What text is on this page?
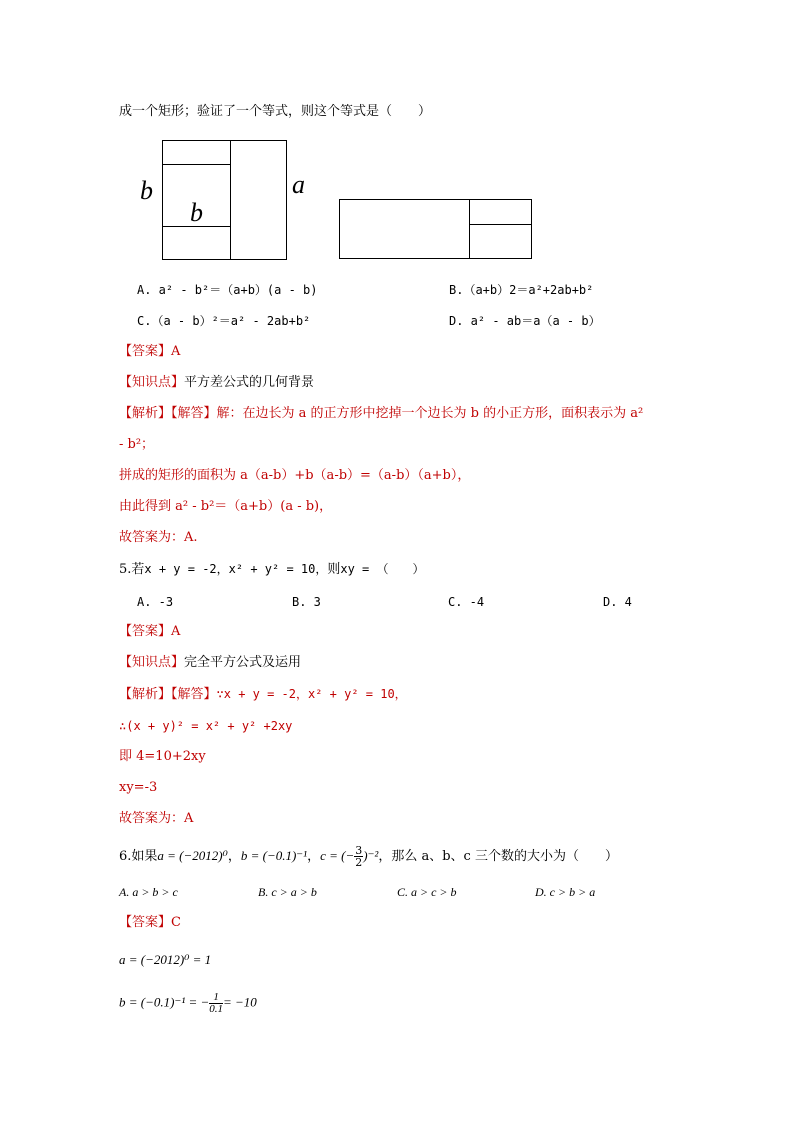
成一个矩形；验证了一个等式，则这个等式是（　　）
b
b
a
A. a² - b²＝（a+b）(a - b)	B.（a+b）2＝a²+2ab+b²
C.（a - b）²＝a² - 2ab+b²	D. a² - ab＝a（a - b）
【答案】A
【知识点】平方差公式的几何背景
【解析】【解答】解：在边长为 a 的正方形中挖掉一个边长为 b 的小正方形，面积表示为 a²
- b²；
拼成的矩形的面积为 a（a-b）+b（a-b）=（a-b）（a+b），
由此得到 a² - b²＝（a+b）(a - b)，
故答案为：A.
5.若x + y = -2，x² + y² = 10，则xy = （　　）
A. -3	B. 3	C. -4	D. 4
【答案】A
【知识点】完全平方公式及运用
【解析】【解答】∵x + y = -2，x² + y² = 10，
∴(x + y)² = x² + y² +2xy
即 4=10+2xy
xy=-3
故答案为：A
6.如果a = (−2012)⁰，b = (−0.1)⁻¹，c = (− $\frac{3}{2} )^{-2}$，那么 a、b、c 三个数的大小为（　　）
A. a > b > c	B. c > a > b	C. a > c > b	D. c > b > a
【答案】C
a = (−2012)⁰ = 1
b = (−0.1)⁻¹ = − $\frac{1}{0.1} = -10$
